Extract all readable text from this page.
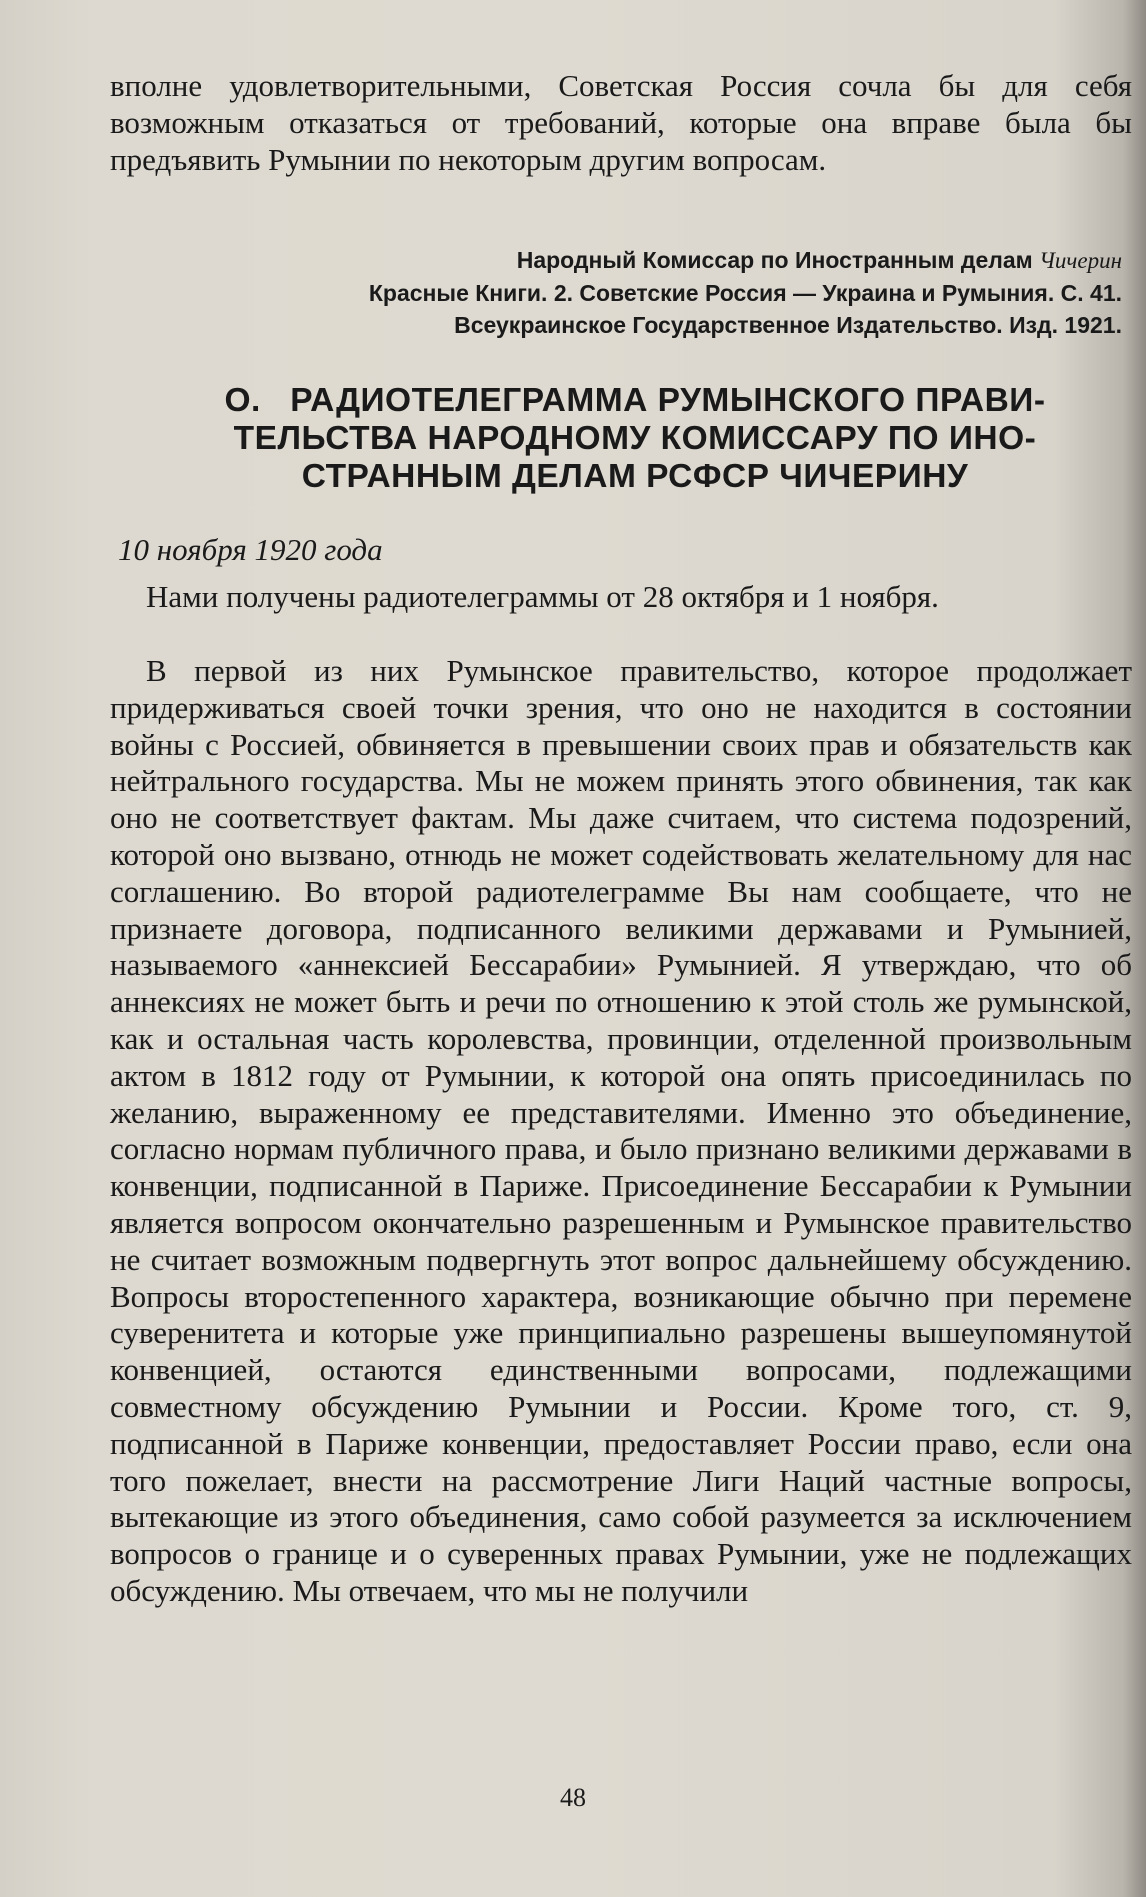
вполне удовлетворительными, Советская Россия сочла бы для себя возможным отказаться от требований, которые она вправе была бы предъявить Румынии по некоторым другим вопросам.

Народный Комиссар по Иностранным делам Чичерин
Красные Книги. 2. Советские Россия — Украина и Румыния. С. 41.
Всеукраинское Государственное Издательство. Изд. 1921.
О. РАДИОТЕЛЕГРАММА РУМЫНСКОГО ПРАВИ-
ТЕЛЬСТВА НАРОДНОМУ КОМИССАРУ ПО ИНО-
СТРАННЫМ ДЕЛАМ РСФСР ЧИЧЕРИНУ
10 ноября 1920 года

Нами получены радиотелеграммы от 28 октября и 1 ноября.

В первой из них Румынское правительство, которое продолжает придерживаться своей точки зрения, что оно не находится в состоянии войны с Россией, обвиняется в превышении своих прав и обязательств как нейтрального государства. Мы не можем принять этого обвинения, так как оно не соответствует фактам. Мы даже считаем, что система подозрений, которой оно вызвано, отнюдь не может содействовать желательному для нас соглашению. Во второй радиотелеграмме Вы нам сообщаете, что не признаете договора, подписанного великими державами и Румынией, называемого «аннексией Бессарабии» Румынией. Я утверждаю, что об аннексиях не может быть и речи по отношению к этой столь же румынской, как и остальная часть королевства, провинции, отделенной произвольным актом в 1812 году от Румынии, к которой она опять присоединилась по желанию, выраженному ее представителями. Именно это объединение, согласно нормам публичного права, и было признано великими державами в конвенции, подписанной в Париже. Присоединение Бессарабии к Румынии является вопросом окончательно разрешенным и Румынское правительство не считает возможным подвергнуть этот вопрос дальнейшему обсуждению. Вопросы второстепенного характера, возникающие обычно при перемене суверенитета и которые уже принципиально разрешены вышеупомянутой конвенцией, остаются единственными вопросами, подлежащими совместному обсуждению Румынии и России. Кроме того, ст. 9, подписанной в Париже конвенции, предоставляет России право, если она того пожелает, внести на рассмотрение Лиги Наций частные вопросы, вытекающие из этого объединения, само собой разумеется за исключением вопросов о границе и о суверенных правах Румынии, уже не подлежащих обсуждению. Мы отвечаем, что мы не получили

48
